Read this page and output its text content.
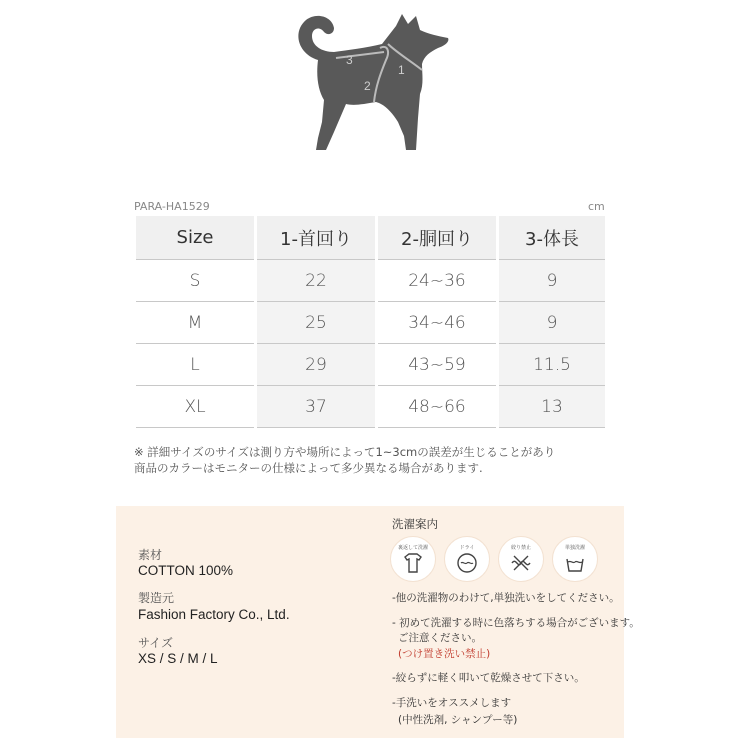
1
2
3
PARA-HA1529	cm
Size	1-首回り	2-胴回り	3-体長
S	22	24~36	9
M	25	34~46	9
L	29	43~59	11.5
XL	37	48~66	13
※ 詳細サイズのサイズは測り方や場所によって1~3cmの誤差が生じることがあり
商品のカラーはモニターの仕様によって多少異なる場合があります.
素材
COTTON 100%
製造元
Fashion Factory Co., Ltd.
サイズ
XS / S / M / L
洗濯案内
裏返して洗濯	ドライ	絞り禁止	単独洗濯
-他の洗濯物のわけて,単独洗いをしてください。
- 初めて洗濯する時に色落ちする場合がございます。
ご注意ください。
(つけ置き洗い禁止)
-絞らずに軽く叩いて乾燥させて下さい。
-手洗いをオススメします
(中性洗剤, シャンプー等)
